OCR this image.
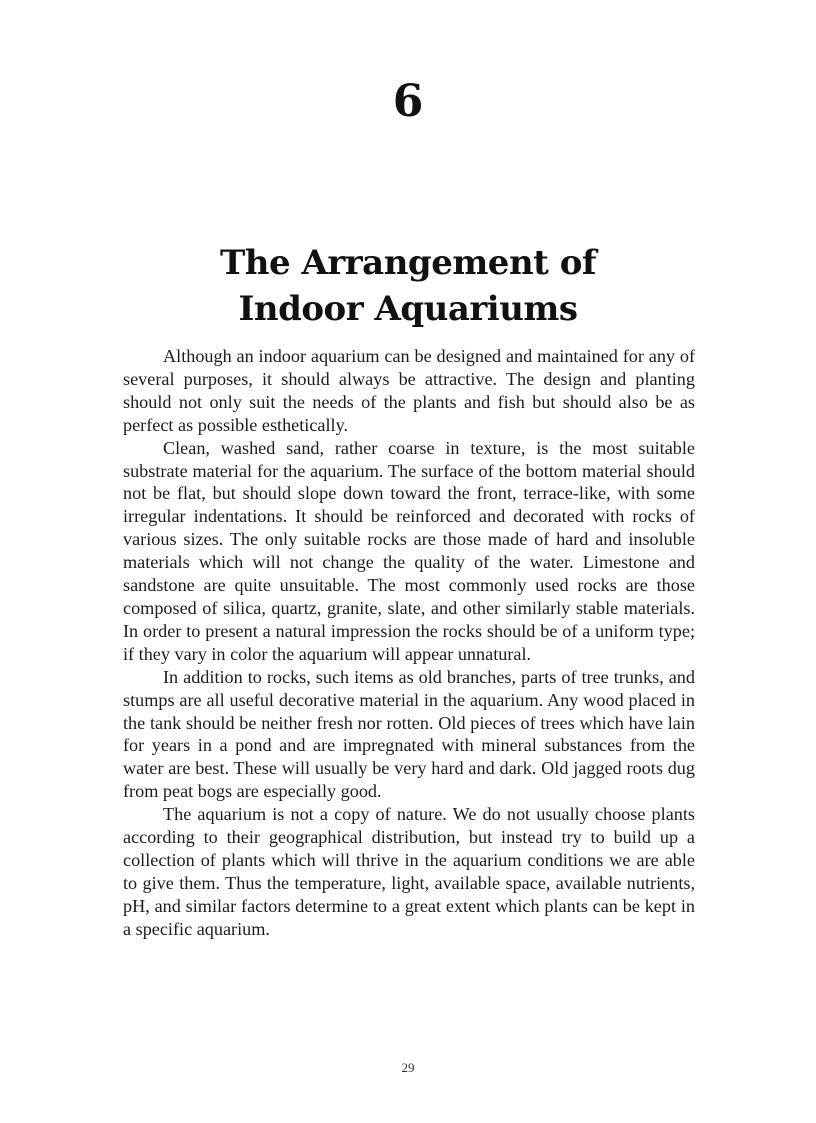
6
The Arrangement of
Indoor Aquariums

Although an indoor aquarium can be designed and maintained for any of several purposes, it should always be attractive. The design and planting should not only suit the needs of the plants and fish but should also be as perfect as possible esthetically.

Clean, washed sand, rather coarse in texture, is the most suitable substrate material for the aquarium. The surface of the bottom material should not be flat, but should slope down toward the front, terrace-like, with some irregular indentations. It should be reinforced and decorated with rocks of various sizes. The only suitable rocks are those made of hard and insoluble materials which will not change the quality of the water. Limestone and sandstone are quite unsuitable. The most commonly used rocks are those composed of silica, quartz, granite, slate, and other similarly stable materials. In order to present a natural impression the rocks should be of a uniform type; if they vary in color the aquarium will appear unnatural.

In addition to rocks, such items as old branches, parts of tree trunks, and stumps are all useful decorative material in the aquarium. Any wood placed in the tank should be neither fresh nor rotten. Old pieces of trees which have lain for years in a pond and are impregnated with mineral substances from the water are best. These will usually be very hard and dark. Old jagged roots dug from peat bogs are especially good.

The aquarium is not a copy of nature. We do not usually choose plants according to their geographical distribution, but instead try to build up a collection of plants which will thrive in the aquarium conditions we are able to give them. Thus the temperature, light, available space, available nutrients, pH, and similar factors determine to a great extent which plants can be kept in a specific aquarium.

29
